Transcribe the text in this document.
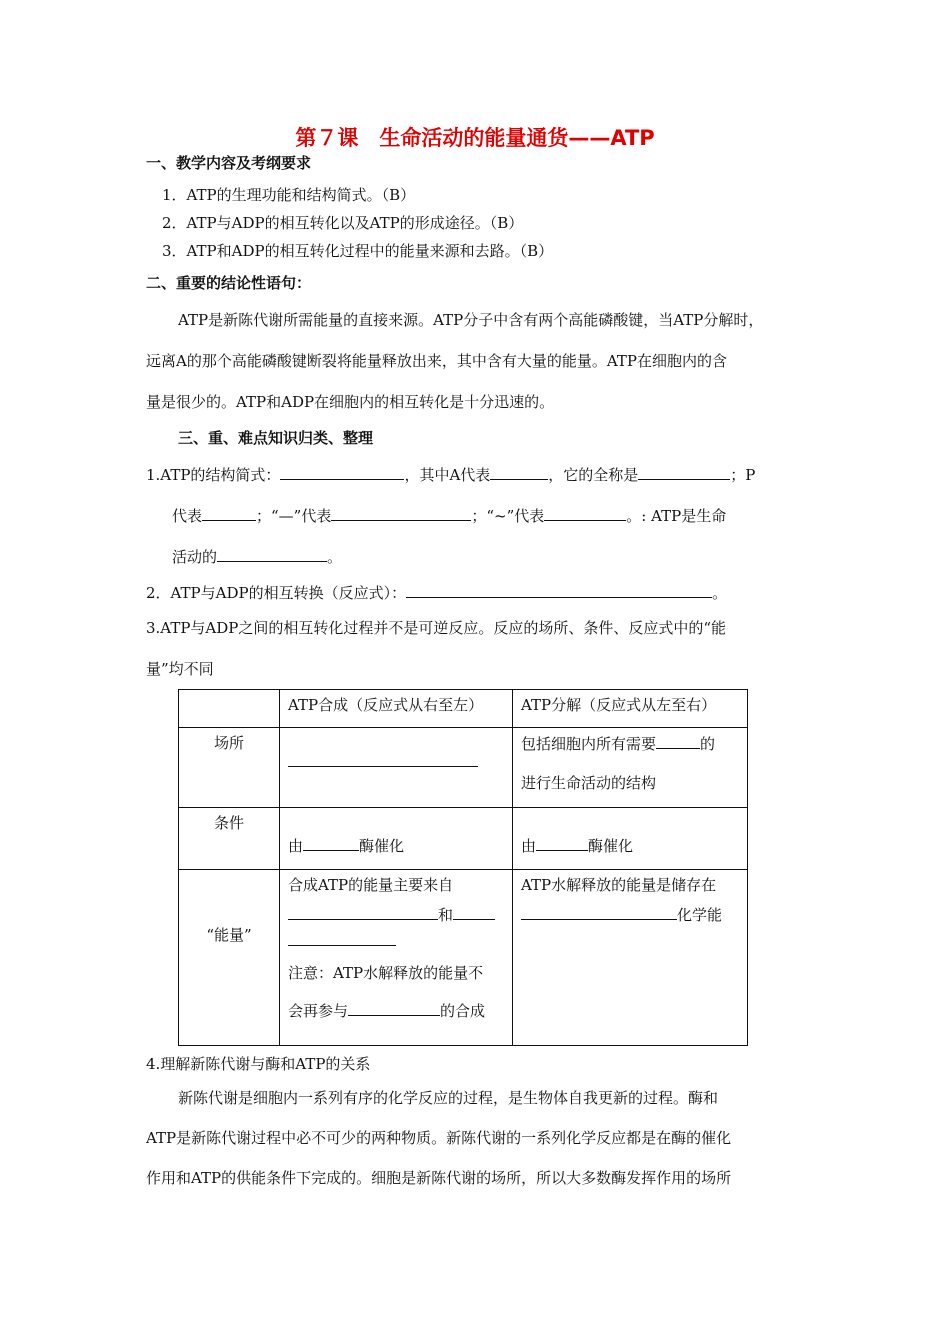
第７课　生命活动的能量通货——ATP
一、教学内容及考纲要求
1．ATP的生理功能和结构简式。（B）
2．ATP与ADP的相互转化以及ATP的形成途径。（B）
3．ATP和ADP的相互转化过程中的能量来源和去路。（B）
二、重要的结论性语句：
ATP是新陈代谢所需能量的直接来源。ATP分子中含有两个高能磷酸键，当ATP分解时，
远离A的那个高能磷酸键断裂将能量释放出来，其中含有大量的能量。ATP在细胞内的含
量是很少的。ATP和ADP在细胞内的相互转化是十分迅速的。
三、重、难点知识归类、整理
1.ATP的结构简式：	，其中A代表	，它的全称是	；P
代表	；“—”代表	；“~”代表	。: ATP是生命
活动的	。
2．ATP与ADP的相互转换（反应式）：	。
3.ATP与ADP之间的相互转化过程并不是可逆反应。反应的场所、条件、反应式中的“能
量”均不同
	ATP合成（反应式从右至左）	ATP分解（反应式从左至右）
场所		包括细胞内所有需要 的
进行生命活动的结构

条件	由 酶催化	由 酶催化

“能量”	合成ATP的能量主要来自
和
注意：ATP水解释放的能量不
会再参与 的合成	ATP水解释放的能量是储存在
化学能
4.理解新陈代谢与酶和ATP的关系
新陈代谢是细胞内一系列有序的化学反应的过程，是生物体自我更新的过程。酶和
ATP是新陈代谢过程中必不可少的两种物质。新陈代谢的一系列化学反应都是在酶的催化
作用和ATP的供能条件下完成的。细胞是新陈代谢的场所，所以大多数酶发挥作用的场所
